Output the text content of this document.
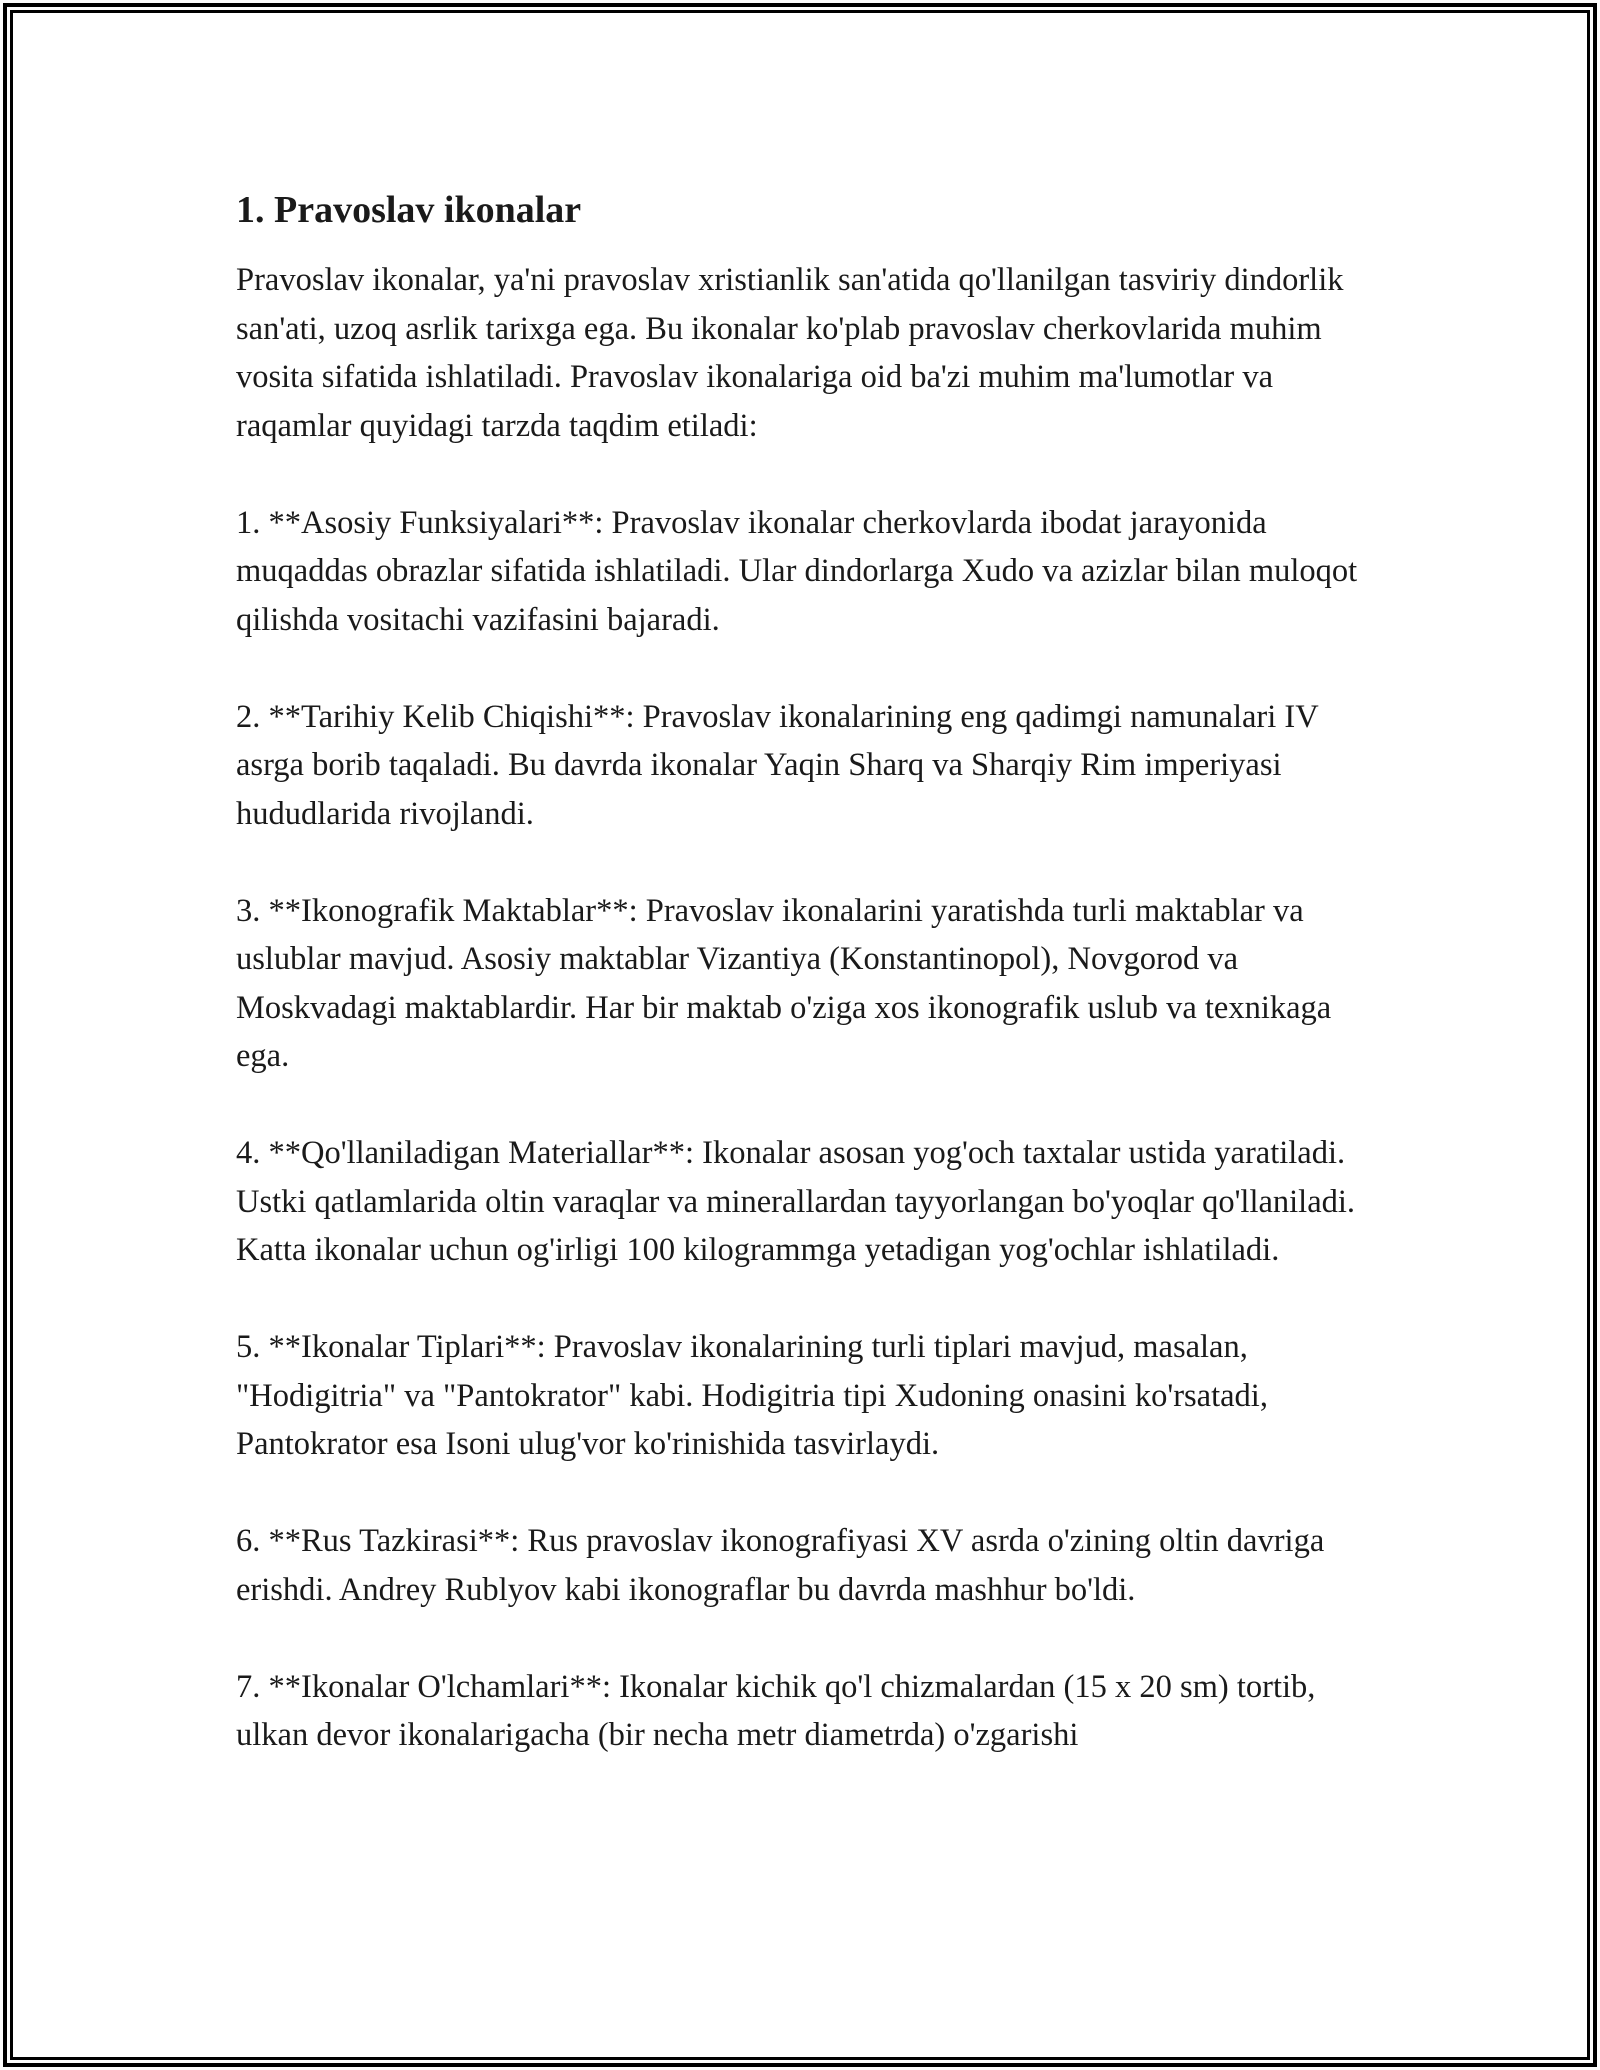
1. Pravoslav ikonalar

Pravoslav ikonalar, ya'ni pravoslav xristianlik san'atida qo'llanilgan tasviriy dindorlik san'ati, uzoq asrlik tarixga ega. Bu ikonalar ko'plab pravoslav cherkovlarida muhim vosita sifatida ishlatiladi. Pravoslav ikonalariga oid ba'zi muhim ma'lumotlar va raqamlar quyidagi tarzda taqdim etiladi:

1. **Asosiy Funksiyalari**: Pravoslav ikonalar cherkovlarda ibodat jarayonida muqaddas obrazlar sifatida ishlatiladi. Ular dindorlarga Xudo va azizlar bilan muloqot qilishda vositachi vazifasini bajaradi.

2. **Tarihiy Kelib Chiqishi**: Pravoslav ikonalarining eng qadimgi namunalari IV asrga borib taqaladi. Bu davrda ikonalar Yaqin Sharq va Sharqiy Rim imperiyasi hududlarida rivojlandi.

3. **Ikonografik Maktablar**: Pravoslav ikonalarini yaratishda turli maktablar va uslublar mavjud. Asosiy maktablar Vizantiya (Konstantinopol), Novgorod va Moskvadagi maktablardir. Har bir maktab o'ziga xos ikonografik uslub va texnikaga ega.

4. **Qo'llaniladigan Materiallar**: Ikonalar asosan yog'och taxtalar ustida yaratiladi. Ustki qatlamlarida oltin varaqlar va minerallardan tayyorlangan bo'yoqlar qo'llaniladi. Katta ikonalar uchun og'irligi 100 kilogrammga yetadigan yog'ochlar ishlatiladi.

5. **Ikonalar Tiplari**: Pravoslav ikonalarining turli tiplari mavjud, masalan, "Hodigitria" va "Pantokrator" kabi. Hodigitria tipi Xudoning onasini ko'rsatadi, Pantokrator esa Isoni ulug'vor ko'rinishida tasvirlaydi.

6. **Rus Tazkirasi**: Rus pravoslav ikonografiyasi XV asrda o'zining oltin davriga erishdi. Andrey Rublyov kabi ikonograflar bu davrda mashhur bo'ldi.

7. **Ikonalar O'lchamlari**: Ikonalar kichik qo'l chizmalardan (15 x 20 sm) tortib, ulkan devor ikonalarigacha (bir necha metr diametrda) o'zgarishi
